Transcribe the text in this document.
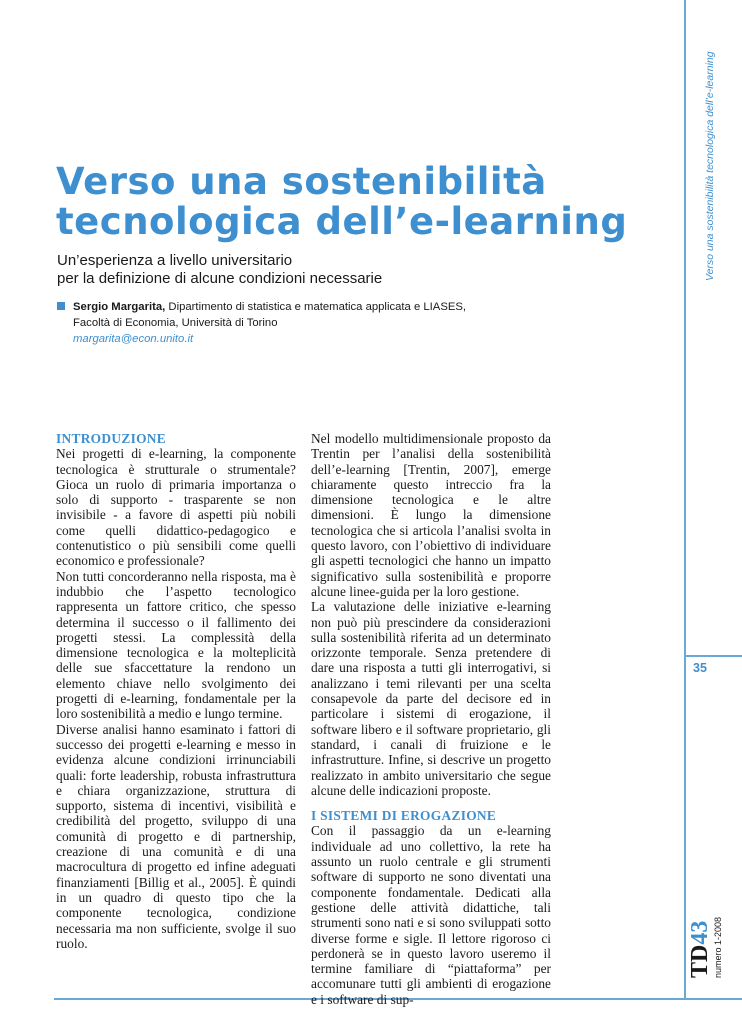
Verso una sostenibilità tecnologica dell’e-learning
35
TD43 numero 1-2008
Verso una sostenibilità tecnologica dell’e-learning
Un’esperienza a livello universitario
per la definizione di alcune condizioni necessarie
Sergio Margarita, Dipartimento di statistica e matematica applicata e LIASES,
Facoltà di Economia, Università di Torino
margarita@econ.unito.it

INTRODUZIONE

Nei progetti di e-learning, la componente tecnologica è strutturale o strumentale? Gioca un ruolo di primaria importanza o solo di supporto - trasparente se non invisibile - a favore di aspetti più nobili come quelli didattico-pedagogico e contenutistico o più sensibili come quelli economico e professionale?

Non tutti concorderanno nella risposta, ma è indubbio che l’aspetto tecnologico rappresenta un fattore critico, che spesso determina il successo o il fallimento dei progetti stessi. La complessità della dimensione tecnologica e la molteplicità delle sue sfaccettature la rendono un elemento chiave nello svolgimento dei progetti di e-learning, fondamentale per la loro sostenibilità a medio e lungo termine.

Diverse analisi hanno esaminato i fattori di successo dei progetti e-learning e messo in evidenza alcune condizioni irrinunciabili quali: forte leadership, robusta infrastruttura e chiara organizzazione, struttura di supporto, sistema di incentivi, visibilità e credibilità del progetto, sviluppo di una comunità di progetto e di partnership, creazione di una comunità e di una macrocultura di progetto ed infine adeguati finanziamenti [Billig et al., 2005]. È quindi in un quadro di questo tipo che la componente tecnologica, condizione necessaria ma non sufficiente, svolge il suo ruolo.

Nel modello multidimensionale proposto da Trentin per l’analisi della sostenibilità dell’e-learning [Trentin, 2007], emerge chiaramente questo intreccio fra la dimensione tecnologica e le altre dimensioni. È lungo la dimensione tecnologica che si articola l’analisi svolta in questo lavoro, con l’obiettivo di individuare gli aspetti tecnologici che hanno un impatto significativo sulla sostenibilità e proporre alcune linee-guida per la loro gestione.

La valutazione delle iniziative e-learning non può più prescindere da considerazioni sulla sostenibilità riferita ad un determinato orizzonte temporale. Senza pretendere di dare una risposta a tutti gli interrogativi, si analizzano i temi rilevanti per una scelta consapevole da parte del decisore ed in particolare i sistemi di erogazione, il software libero e il software proprietario, gli standard, i canali di fruizione e le infrastrutture. Infine, si descrive un progetto realizzato in ambito universitario che segue alcune delle indicazioni proposte.

I SISTEMI DI EROGAZIONE

Con il passaggio da un e-learning individuale ad uno collettivo, la rete ha assunto un ruolo centrale e gli strumenti software di supporto ne sono diventati una componente fondamentale. Dedicati alla gestione delle attività didattiche, tali strumenti sono nati e si sono sviluppati sotto diverse forme e sigle. Il lettore rigoroso ci perdonerà se in questo lavoro useremo il termine familiare di “piattaforma” per accomunare tutti gli ambienti di erogazione e i software di sup-
